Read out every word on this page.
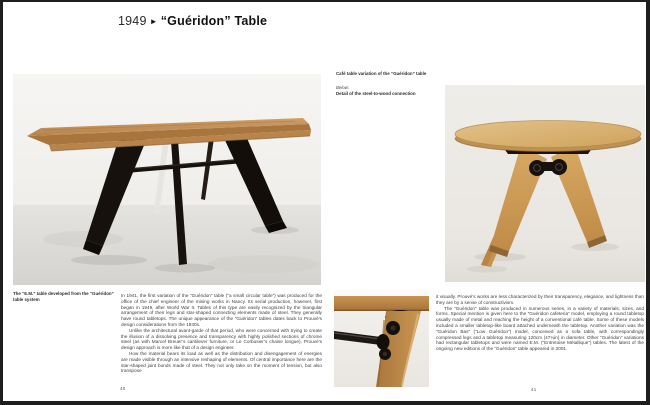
1949 ► “Guéridon” Table
The “E.M.” table developed from the “Guéridon” table system

In 1941, the first variation of the “Guéridon” table (“a small circular table”) was produced for the office of the chief engineer of the mining works in Nancy. Its serial production, however, first began in 1949, after World War II. Tables of this type are easily recognized by the triangular arrangement of their legs and star-shaped connecting elements made of steel. They generally have round tabletops. The unique appearance of the “Guéridon” tables dates back to Prouvé’s design considerations from the 1930s.

Unlike the architectural avant-garde of that period, who were concerned with trying to create the illusion of a dissolving presence and transparency with highly polished sections of chrome steel (as with Marcel Breuer’s cantilever furniture, or Le Corbusier’s chaise longue), Prouvé’s design approach is more like that of a design engineer.

How the material bears its load as well as the distribution and disengagement of energies are made visible through an intensive reshaping of elements. Of central importance here are the star-shaped joint bonds made of steel. They not only take on the moment of tension, but also transpose

40
Café table variation of the “Guéridon” table
Below:
Detail of the steel-to-wood connection

it visually. Prouvé’s works are less characterized by their transparency, elegance, and lightness than they are by a sense of constructivism.

The “Guéridon” table was produced in numerous series, in a variety of materials, sizes, and forms. Special mention is given here to the “Guéridon cafeteria” model, employing a round tabletop usually made of metal and reaching the height of a conventional café table. Some of these models included a smaller tabletop-like board attached underneath the tabletop. Another variation was the “Guéridon Bas” (“Low Guéridon”) model, conceived as a sofa table, with correspondingly compressed legs and a tabletop measuring 120cm (47¼in) in diameter. Other “Guéridon” variations had rectangular tabletops and were named E.M. (“Entretoise Métallique”) tables. The latest of the ongoing new editions of the “Guéridon” table appeared in 2001.

41
